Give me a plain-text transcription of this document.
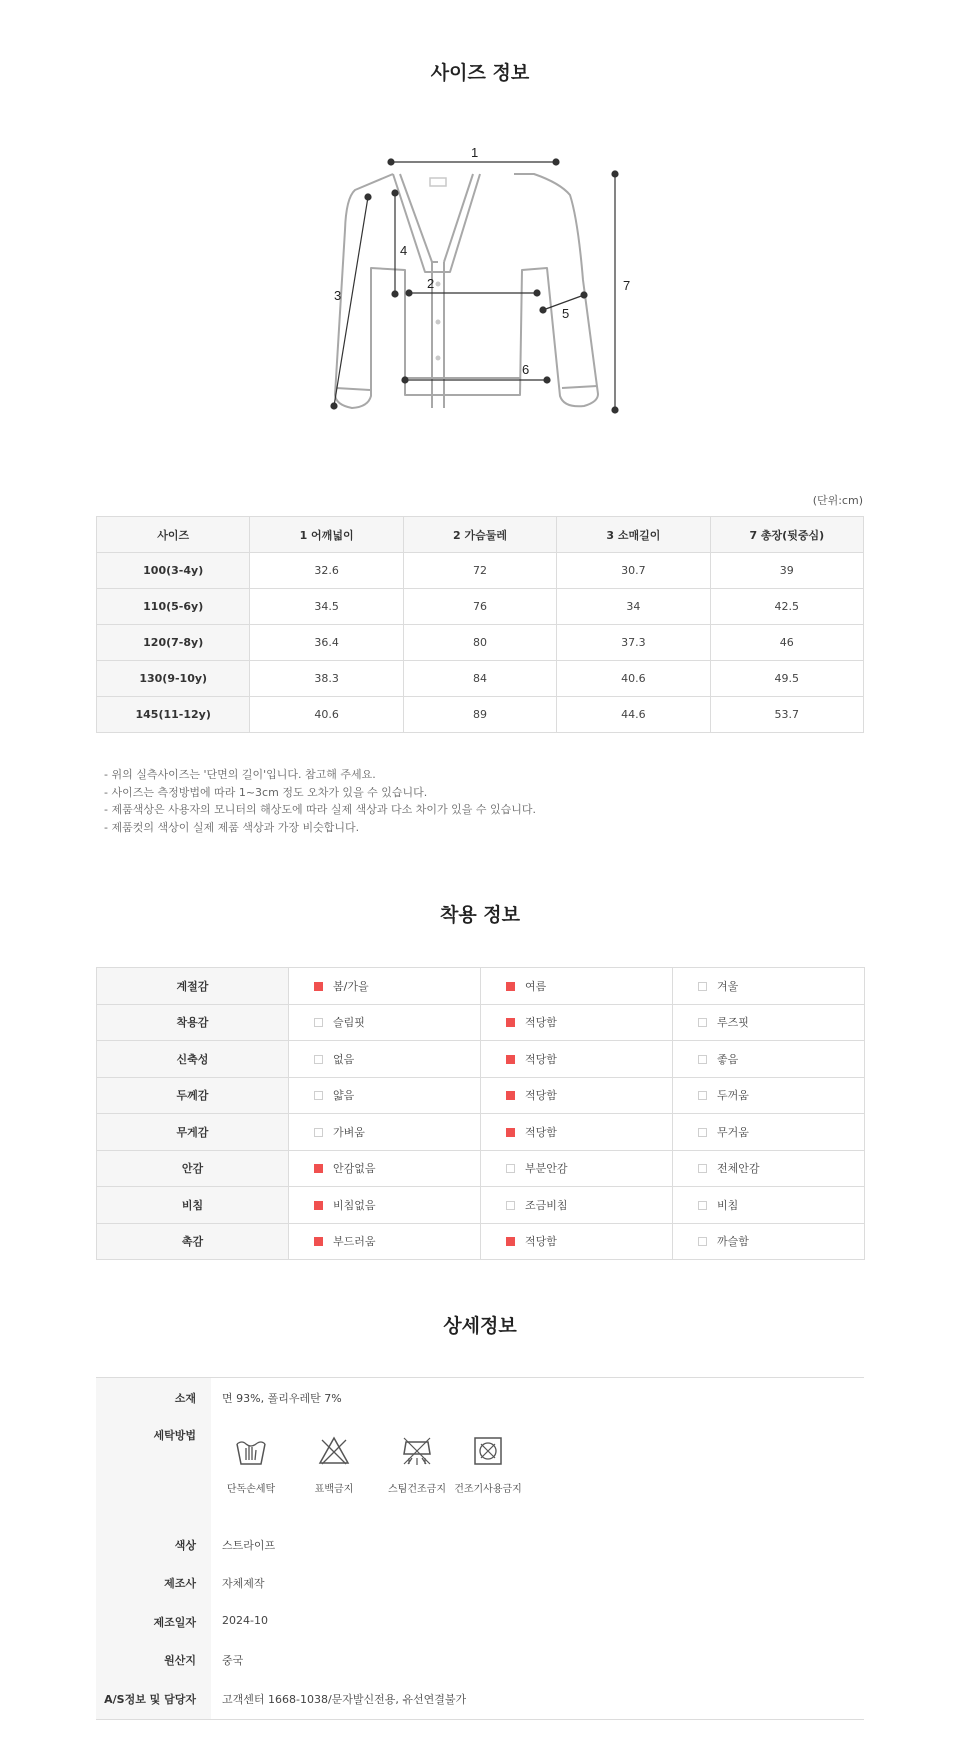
사이즈 정보
1
2
3
4
5
6
7
(단위:cm)
사이즈	1 어깨넓이	2 가슴둘레	3 소매길이	7 총장(뒷중심)
100(3-4y)	32.6	72	30.7	39
110(5-6y)	34.5	76	34	42.5
120(7-8y)	36.4	80	37.3	46
130(9-10y)	38.3	84	40.6	49.5
145(11-12y)	40.6	89	44.6	53.7
- 위의 실측사이즈는 '단면의 길이'입니다. 참고해 주세요.
- 사이즈는 측정방법에 따라 1~3cm 정도 오차가 있을 수 있습니다.
- 제품색상은 사용자의 모니터의 해상도에 따라 실제 색상과 다소 차이가 있을 수 있습니다.
- 제품컷의 색상이 실제 제품 색상과 가장 비슷합니다.
착용 정보
계절감	봄/가을	여름	겨울
착용감	슬림핏	적당함	루즈핏
신축성	없음	적당함	좋음
두께감	얇음	적당함	두꺼움
무게감	가벼움	적당함	무거움
안감	안감없음	부분안감	전체안감
비침	비침없음	조금비침	비침
촉감	부드러움	적당함	까슬함
상세정보
소재 면 93%, 폴리우레탄 7%
세탁방법
단독손세탁	표백금지	스팀건조금지 건조기사용금지
색상 스트라이프
제조사 자체제작
제조일자 2024-10
원산지 중국
A/S정보 및 담당자 고객센터 1668-1038/문자발신전용, 유선연결불가
